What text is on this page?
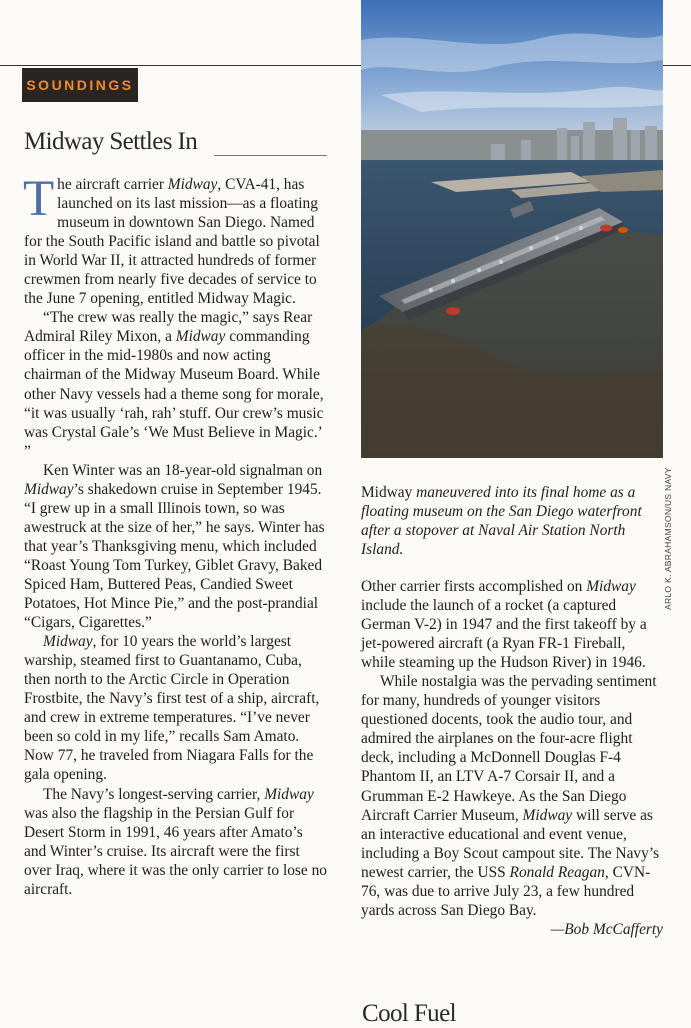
SOUNDINGS
Midway Settles In

The aircraft carrier Midway, CVA-41, has launched on its last mission—as a floating museum in downtown San Diego. Named for the South Pacific island and battle so pivotal in World War II, it attracted hundreds of former crewmen from nearly five decades of service to the June 7 opening, entitled Midway Magic.

“The crew was really the magic,” says Rear Admiral Riley Mixon, a Midway commanding officer in the mid-1980s and now acting chairman of the Midway Museum Board. While other Navy vessels had a theme song for morale, “it was usually ‘rah, rah’ stuff. Our crew’s music was Crystal Gale’s ‘We Must Believe in Magic.’ ”

Ken Winter was an 18-year-old signalman on Midway’s shakedown cruise in September 1945. “I grew up in a small Illinois town, so was awestruck at the size of her,” he says. Winter has that year’s Thanksgiving menu, which included “Roast Young Tom Turkey, Giblet Gravy, Baked Spiced Ham, Buttered Peas, Candied Sweet Potatoes, Hot Mince Pie,” and the post-prandial “Cigars, Cigarettes.”

Midway, for 10 years the world’s largest warship, steamed first to Guantanamo, Cuba, then north to the Arctic Circle in Operation Frostbite, the Navy’s first test of a ship, aircraft, and crew in extreme temperatures. “I’ve never been so cold in my life,” recalls Sam Amato. Now 77, he traveled from Niagara Falls for the gala opening.

The Navy’s longest-serving carrier, Midway was also the flagship in the Persian Gulf for Desert Storm in 1991, 46 years after Amato’s and Winter’s cruise. Its aircraft were the first over Iraq, where it was the only carrier to lose no aircraft.

ARLO K. ABRAHAMSON/US NAVY

Midway maneuvered into its final home as a floating museum on the San Diego waterfront after a stopover at Naval Air Station North Island.

Other carrier firsts accomplished on Midway include the launch of a rocket (a captured German V-2) in 1947 and the first takeoff by a jet-powered aircraft (a Ryan FR-1 Fireball, while steaming up the Hudson River) in 1946.

While nostalgia was the pervading sentiment for many, hundreds of younger visitors questioned docents, took the audio tour, and admired the airplanes on the four-acre flight deck, including a McDonnell Douglas F-4 Phantom II, an LTV A-7 Corsair II, and a Grumman E-2 Hawkeye. As the San Diego Aircraft Carrier Museum, Midway will serve as an interactive educational and event venue, including a Boy Scout campout site. The Navy’s newest carrier, the USS Ronald Reagan, CVN-76, was due to arrive July 23, a few hundred yards across San Diego Bay.

—Bob McCafferty
Cool Fuel
